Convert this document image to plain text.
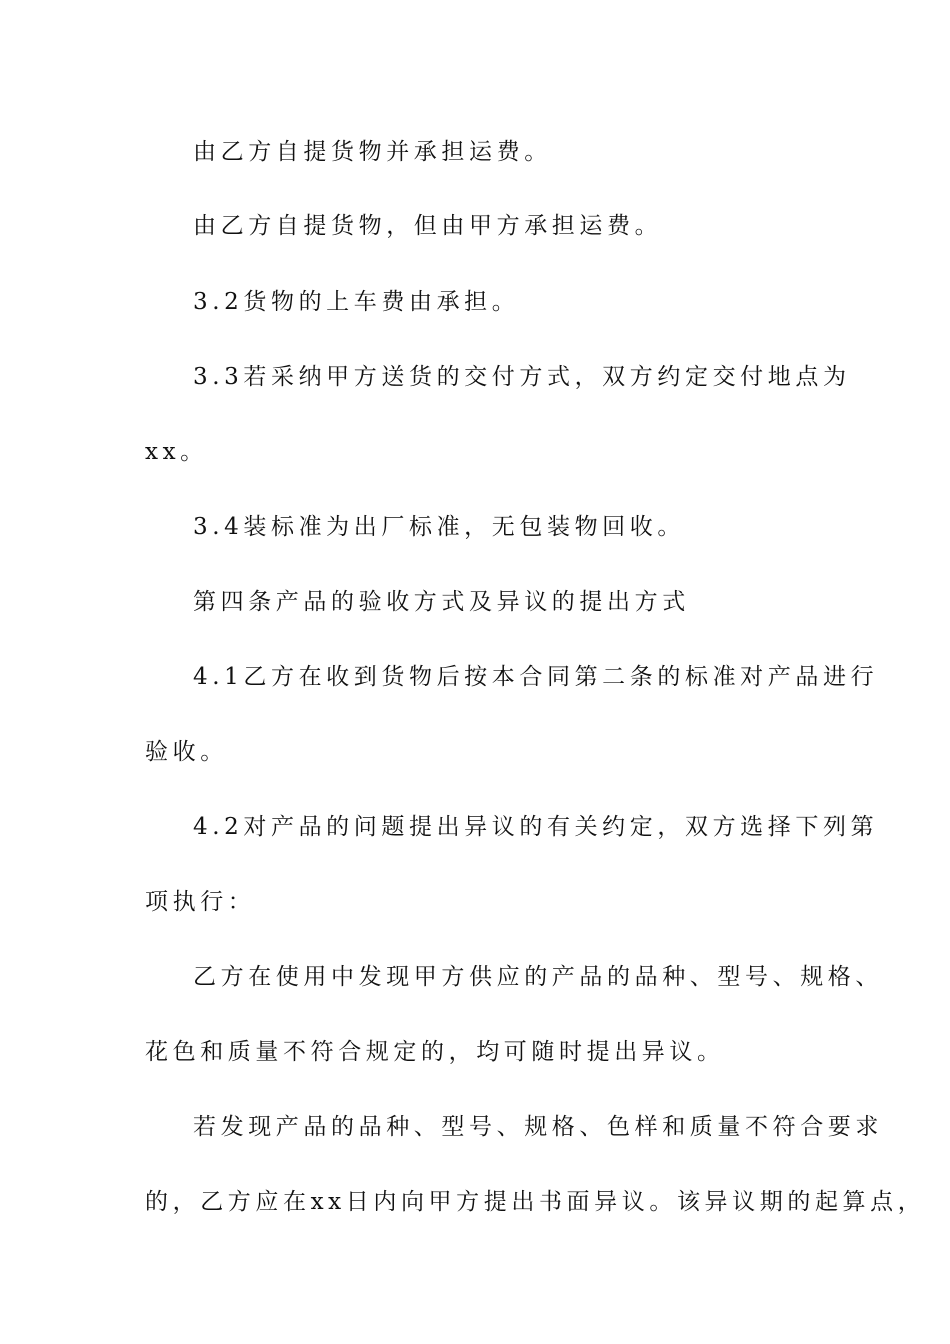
由乙方自提货物并承担运费。
由乙方自提货物，但由甲方承担运费。
3.2货物的上车费由承担。
3.3若采纳甲方送货的交付方式，双方约定交付地点为
xx。
3.4装标准为出厂标准，无包装物回收。
第四条产品的验收方式及异议的提出方式
4.1乙方在收到货物后按本合同第二条的标准对产品进行
验收。
4.2对产品的问题提出异议的有关约定，双方选择下列第
项执行：
乙方在使用中发现甲方供应的产品的品种、型号、规格、
花色和质量不符合规定的，均可随时提出异议。
若发现产品的品种、型号、规格、色样和质量不符合要求
的，乙方应在xx日内向甲方提出书面异议。该异议期的起算点，
